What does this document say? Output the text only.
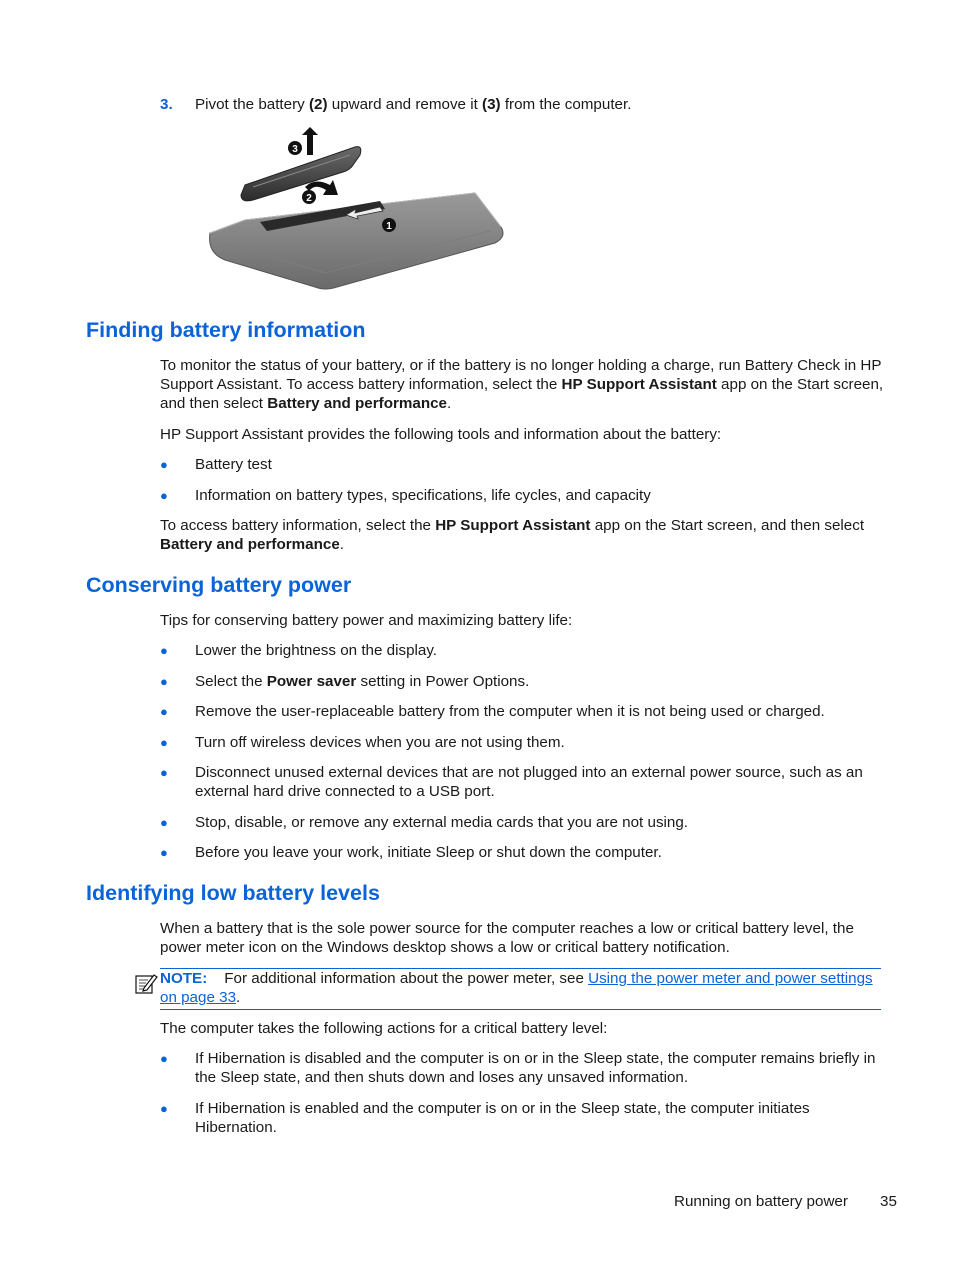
3. Pivot the battery (2) upward and remove it (3) from the computer.
3
2
1
Finding battery information
To monitor the status of your battery, or if the battery is no longer holding a charge, run Battery Check in HP Support Assistant. To access battery information, select the HP Support Assistant app on the Start screen, and then select Battery and performance.
HP Support Assistant provides the following tools and information about the battery:
● Battery test
● Information on battery types, specifications, life cycles, and capacity
To access battery information, select the HP Support Assistant app on the Start screen, and then select Battery and performance.
Conserving battery power
Tips for conserving battery power and maximizing battery life:
● Lower the brightness on the display.
● Select the Power saver setting in Power Options.
● Remove the user-replaceable battery from the computer when it is not being used or charged.
● Turn off wireless devices when you are not using them.
● Disconnect unused external devices that are not plugged into an external power source, such as an external hard drive connected to a USB port.
● Stop, disable, or remove any external media cards that you are not using.
● Before you leave your work, initiate Sleep or shut down the computer.
Identifying low battery levels
When a battery that is the sole power source for the computer reaches a low or critical battery level, the power meter icon on the Windows desktop shows a low or critical battery notification.
NOTE: For additional information about the power meter, see Using the power meter and power settings on page 33.
The computer takes the following actions for a critical battery level:
● If Hibernation is disabled and the computer is on or in the Sleep state, the computer remains briefly in the Sleep state, and then shuts down and loses any unsaved information.
● If Hibernation is enabled and the computer is on or in the Sleep state, the computer initiates Hibernation.
Running on battery power 35
